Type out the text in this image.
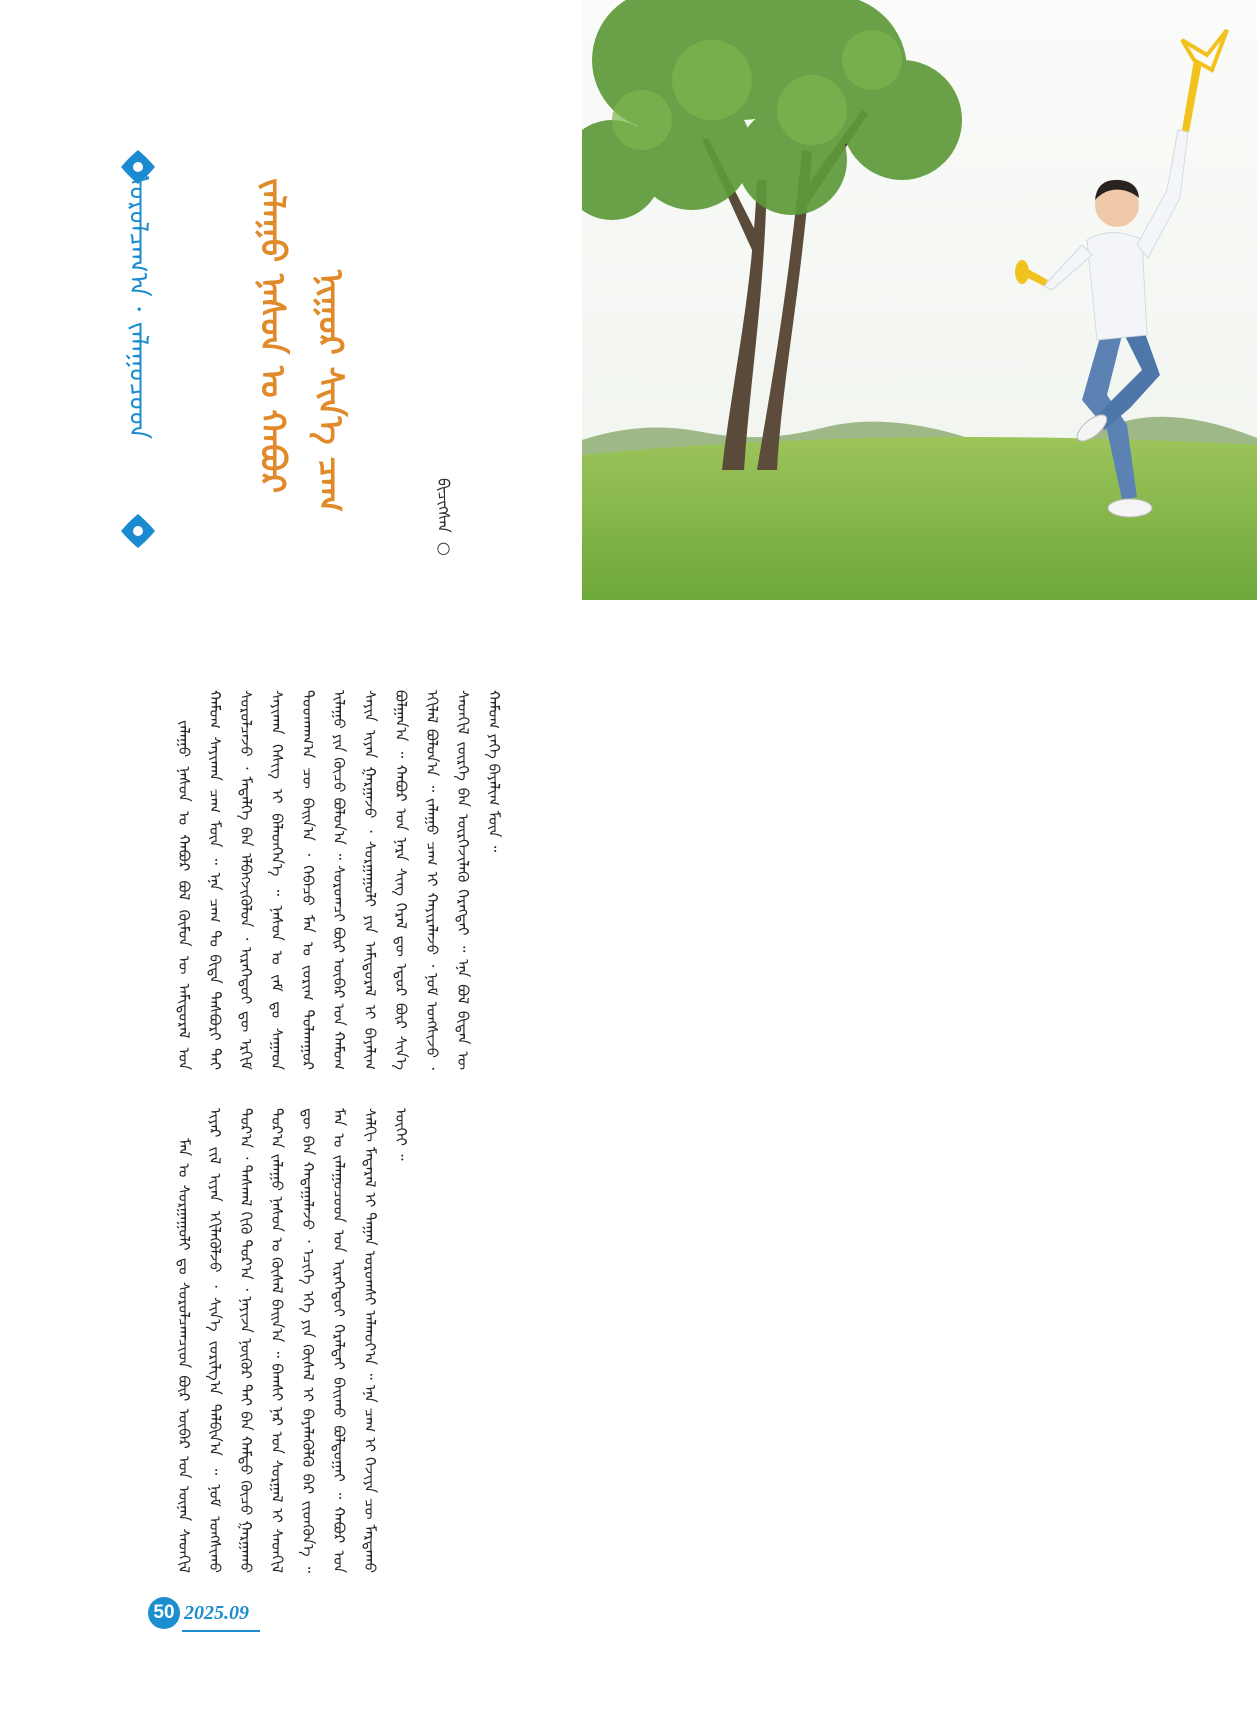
ᠰᠤᠷᠤᠯᠴᠠᠭ᠎ᠠ · ᠵᠠᠯᠠᠭᠤᠴᠤᠳ	ᠵᠠᠯᠠᠭᠤ ᠨᠠᠰᠤᠨ ᠤ ᠬᠠᠪᠤᠷ ᠨᠢᠭᠤᠷ ᠰᠢᠨ᠎ᠡ ᠴᠠᠭ
ᠪᠢᠴᠢᠭᠰᠡᠨ ○

ᠵᠠᠯᠠᠭᠤ ᠨᠠᠰᠤᠨ ᠤ ᠬᠠᠪᠤᠷ ᠪᠣᠯ ᠬᠦᠮᠦᠨ ᠦ ᠠᠮᠢᠳᠤᠷᠠᠯ ᠤᠨ ᠬᠠᠮᠤᠭ ᠰᠠᠶᠢᠬᠠᠨ ᠴᠠᠭ ᠮᠦᠨ ᠃ ᠡᠨᠡ ᠴᠠᠭ ᠲᠤ ᠪᠢᠳᠡ ᠲᠡᠰᠪᠦᠷᠢ ᠲᠡᠢ ᠰᠤᠷᠤᠯᠴᠠᠵᠤ ᠂ ᠮᠡᠳᠡᠯᠭᠡ ᠪᠡᠨ ᠡᠯᠪᠡᠭᠵᠢᠭᠦᠯᠦᠨ ᠂ ᠢᠷᠡᠭᠡᠳᠦᠢ ᠳᠦ ᠡᠷᠬᠢᠮ ᠰᠠᠶᠢᠬᠠᠨ ᠬᠡᠰᠢᠭ ᠢ ᠪᠡᠯᠡᠳᠬᠡᠨ᠎ᠡ ᠃ ᠨᠠᠰᠤᠨ ᠤ ᠵᠠᠮ ᠳᠤ ᠰᠠᠭᠠᠳ ᠲᠤᠳᠬᠠᠭ᠎ᠠ ᠴᠦ ᠪᠠᠢᠨ᠎ᠠ ᠂ ᠭᠡᠪᠡᠴᠦ ᠮᠠᠨ ᠤ ᠵᠣᠷᠢᠭ ᠲᠤᠯᠬᠠᠭᠤᠷ ᠢᠯᠠᠭᠤ ᠶᠢᠨ ᠬᠦᠴᠦ ᠪᠣᠯᠤᠨ᠎ᠠ ᠃ ᠰᠤᠷᠤᠭᠴᠢ ᠪᠦᠷ ᠦᠪᠡᠷ ᠤᠨ ᠬᠠᠮᠤᠭ ᠰᠠᠶᠢᠨ ᠢᠶᠠᠨ ᠭᠠᠷᠭᠠᠵᠤ ᠂ ᠰᠤᠷᠭᠠᠭᠤᠯᠢ ᠶᠢᠨ ᠠᠮᠢᠳᠤᠷᠠᠯ ᠢ ᠪᠠᠶᠠᠯᠢᠭ ᠪᠣᠯᠭᠠᠨ᠎ᠠ ᠃ ᠬᠠᠪᠤᠷ ᠤᠨ ᠨᠠᠷᠠ ᠰᠢᠩ ᠭᠡᠷᠡᠯ ᠳᠦ ᠡᠳᠦᠷ ᠪᠦᠷ ᠰᠢᠨ᠎ᠡ ᠡᠬᠢᠯᠡᠯ ᠪᠣᠯᠤᠨ᠎ᠠ ᠃ ᠵᠠᠯᠠᠭᠤ ᠴᠠᠭ ᠢ ᠬᠠᠶᠢᠷᠠᠯᠠᠵᠤ ᠂ ᠨᠣᠮ ᠤᠩᠰᠢᠵᠤ ᠂ ᠰᠡᠳᠬᠢᠯ ᠵᠦᠷᠬᠡ ᠪᠡᠨ ᠦᠷᠭᠡᠵᠢᠯᠡᠬᠦ ᠬᠡᠷᠡᠭᠲᠡᠢ ᠃ ᠡᠨᠡ ᠪᠣᠯ ᠪᠢᠳᠡᠨ ᠦ ᠬᠠᠮᠤᠭ ᠶᠡᠬᠡ ᠪᠠᠶᠠᠯᠢᠭ ᠮᠦᠨ ᠃

ᠮᠠᠨ ᠤ ᠰᠤᠷᠭᠠᠭᠤᠯᠢ ᠳᠤ ᠰᠤᠷᠤᠯᠴᠠᠭᠴᠢᠳ ᠪᠦᠷ ᠦᠪᠡᠷ ᠤᠨ ᠦᠨᠡᠨ ᠰᠡᠳᠬᠢᠯ ᠢᠶᠡᠷ ᠵᠢᠯ ᠢᠶᠡᠨ ᠡᠬᠢᠯᠡᠭᠦᠯᠵᠦ ᠂ ᠰᠢᠨ᠎ᠡ ᠵᠣᠷᠢᠯᠭ᠎ᠠ ᠲᠠᠯᠪᠢᠨ᠎ᠠ ᠃ ᠨᠣᠮ ᠤᠩᠰᠢᠬᠤ ᠳᠤᠷ᠎ᠠ ᠂ ᠳᠠᠰᠭᠠᠯ ᠬᠢᠬᠦ ᠳᠤᠷ᠎ᠠ ᠂ ᠨᠠᠶᠢᠵᠠ ᠨᠥᠬᠦᠷ ᠲᠡᠢ ᠪᠡᠨ ᠬᠠᠮᠲᠤ ᠬᠦᠴᠦ ᠭᠠᠷᠭᠠᠬᠤ ᠳᠤᠷ᠎ᠠ ᠵᠠᠯᠠᠭᠤ ᠨᠠᠰᠤᠨ ᠤ ᠬᠦᠰᠡᠯ ᠪᠠᠢᠨ᠎ᠠ ᠃ ᠪᠠᠭᠰᠢ ᠨᠠᠷ ᠤᠨ ᠰᠤᠷᠭᠠᠯ ᠢ ᠰᠡᠳᠬᠢᠯ ᠳᠦ ᠪᠡᠨ ᠬᠠᠳᠠᠭᠠᠯᠠᠵᠤ ᠂ ᠡᠴᠢᠭᠡ ᠡᠬᠡ ᠶᠢᠨ ᠬᠦᠰᠡᠯ ᠢ ᠪᠡᠶᠡᠯᠡᠭᠦᠯᠬᠦ ᠪᠡᠷ ᠵᠢᠳᠬᠦᠨ᠎ᠡ ᠃ ᠮᠠᠨ ᠤ ᠵᠠᠯᠠᠭᠤᠴᠤᠳ ᠤᠨ ᠢᠷᠡᠭᠡᠳᠦᠢ ᠭᠡᠷᠡᠯᠲᠡᠢ ᠪᠠᠢᠬᠤ ᠪᠣᠯᠲᠤᠭᠠᠢ ᠃ ᠬᠠᠪᠤᠷ ᠤᠨ ᠰᠠᠯᠬᠢ ᠮᠡᠳᠡᠷᠡᠯ ᠢ ᠳᠠᠭᠠᠨ ᠤᠷᠤᠭᠰᠢ ᠠᠯᠬᠤᠶ᠎ᠠ ᠃ ᠡᠨᠡ ᠴᠠᠭ ᠢ ᠬᠡᠵᠢᠶᠡ ᠴᠦ ᠮᠠᠷᠳᠠᠬᠤ ᠦᠭᠡᠢ ᠃

50 2025.09
